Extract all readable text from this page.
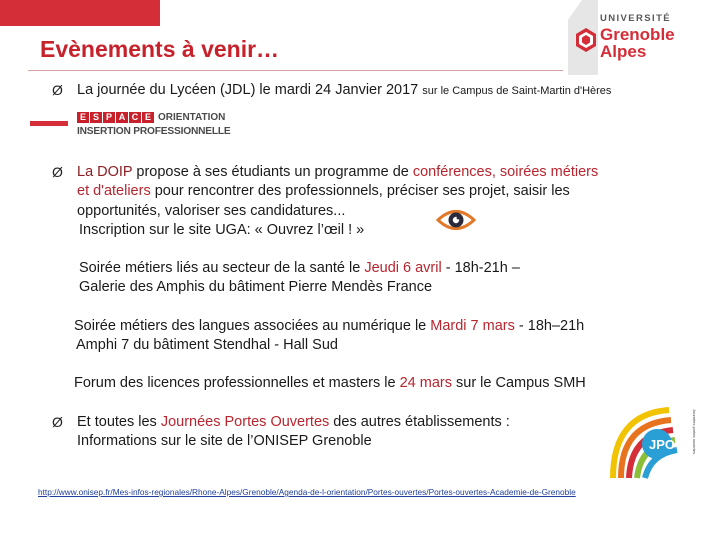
Evènements à venir…
UNIVERSITÉ
Grenoble
Alpes
Ø La journée du Lycéen (JDL) le mardi 24 Janvier 2017 sur le Campus de Saint-Martin d'Hères
E S P A C E ORIENTATION
INSERTION PROFESSIONNELLE
Ø La DOIP propose à ses étudiants un programme de conférences, soirées métiers
et d'ateliers pour rencontrer des professionnels, préciser ses projet, saisir les
opportunités, valoriser ses candidatures...
Inscription sur le site UGA: « Ouvrez l’œil ! »
Soirée métiers liés au secteur de la santé le Jeudi 6 avril - 18h-21h –
Galerie des Amphis du bâtiment Pierre Mendès France
Soirée métiers des langues associées au numérique le Mardi 7 mars - 18h–21h
Amphi 7 du bâtiment Stendhal - Hall Sud
Forum des licences professionnelles et masters le 24 mars sur le Campus SMH
Ø Et toutes les Journées Portes Ouvertes des autres établissements :
Informations sur le site de l’ONISEP Grenoble	JPO	Journées portes ouvertes
http://www.onisep.fr/Mes-infos-regionales/Rhone-Alpes/Grenoble/Agenda-de-l-orientation/Portes-ouvertes/Portes-ouvertes-Academie-de-Grenoble
